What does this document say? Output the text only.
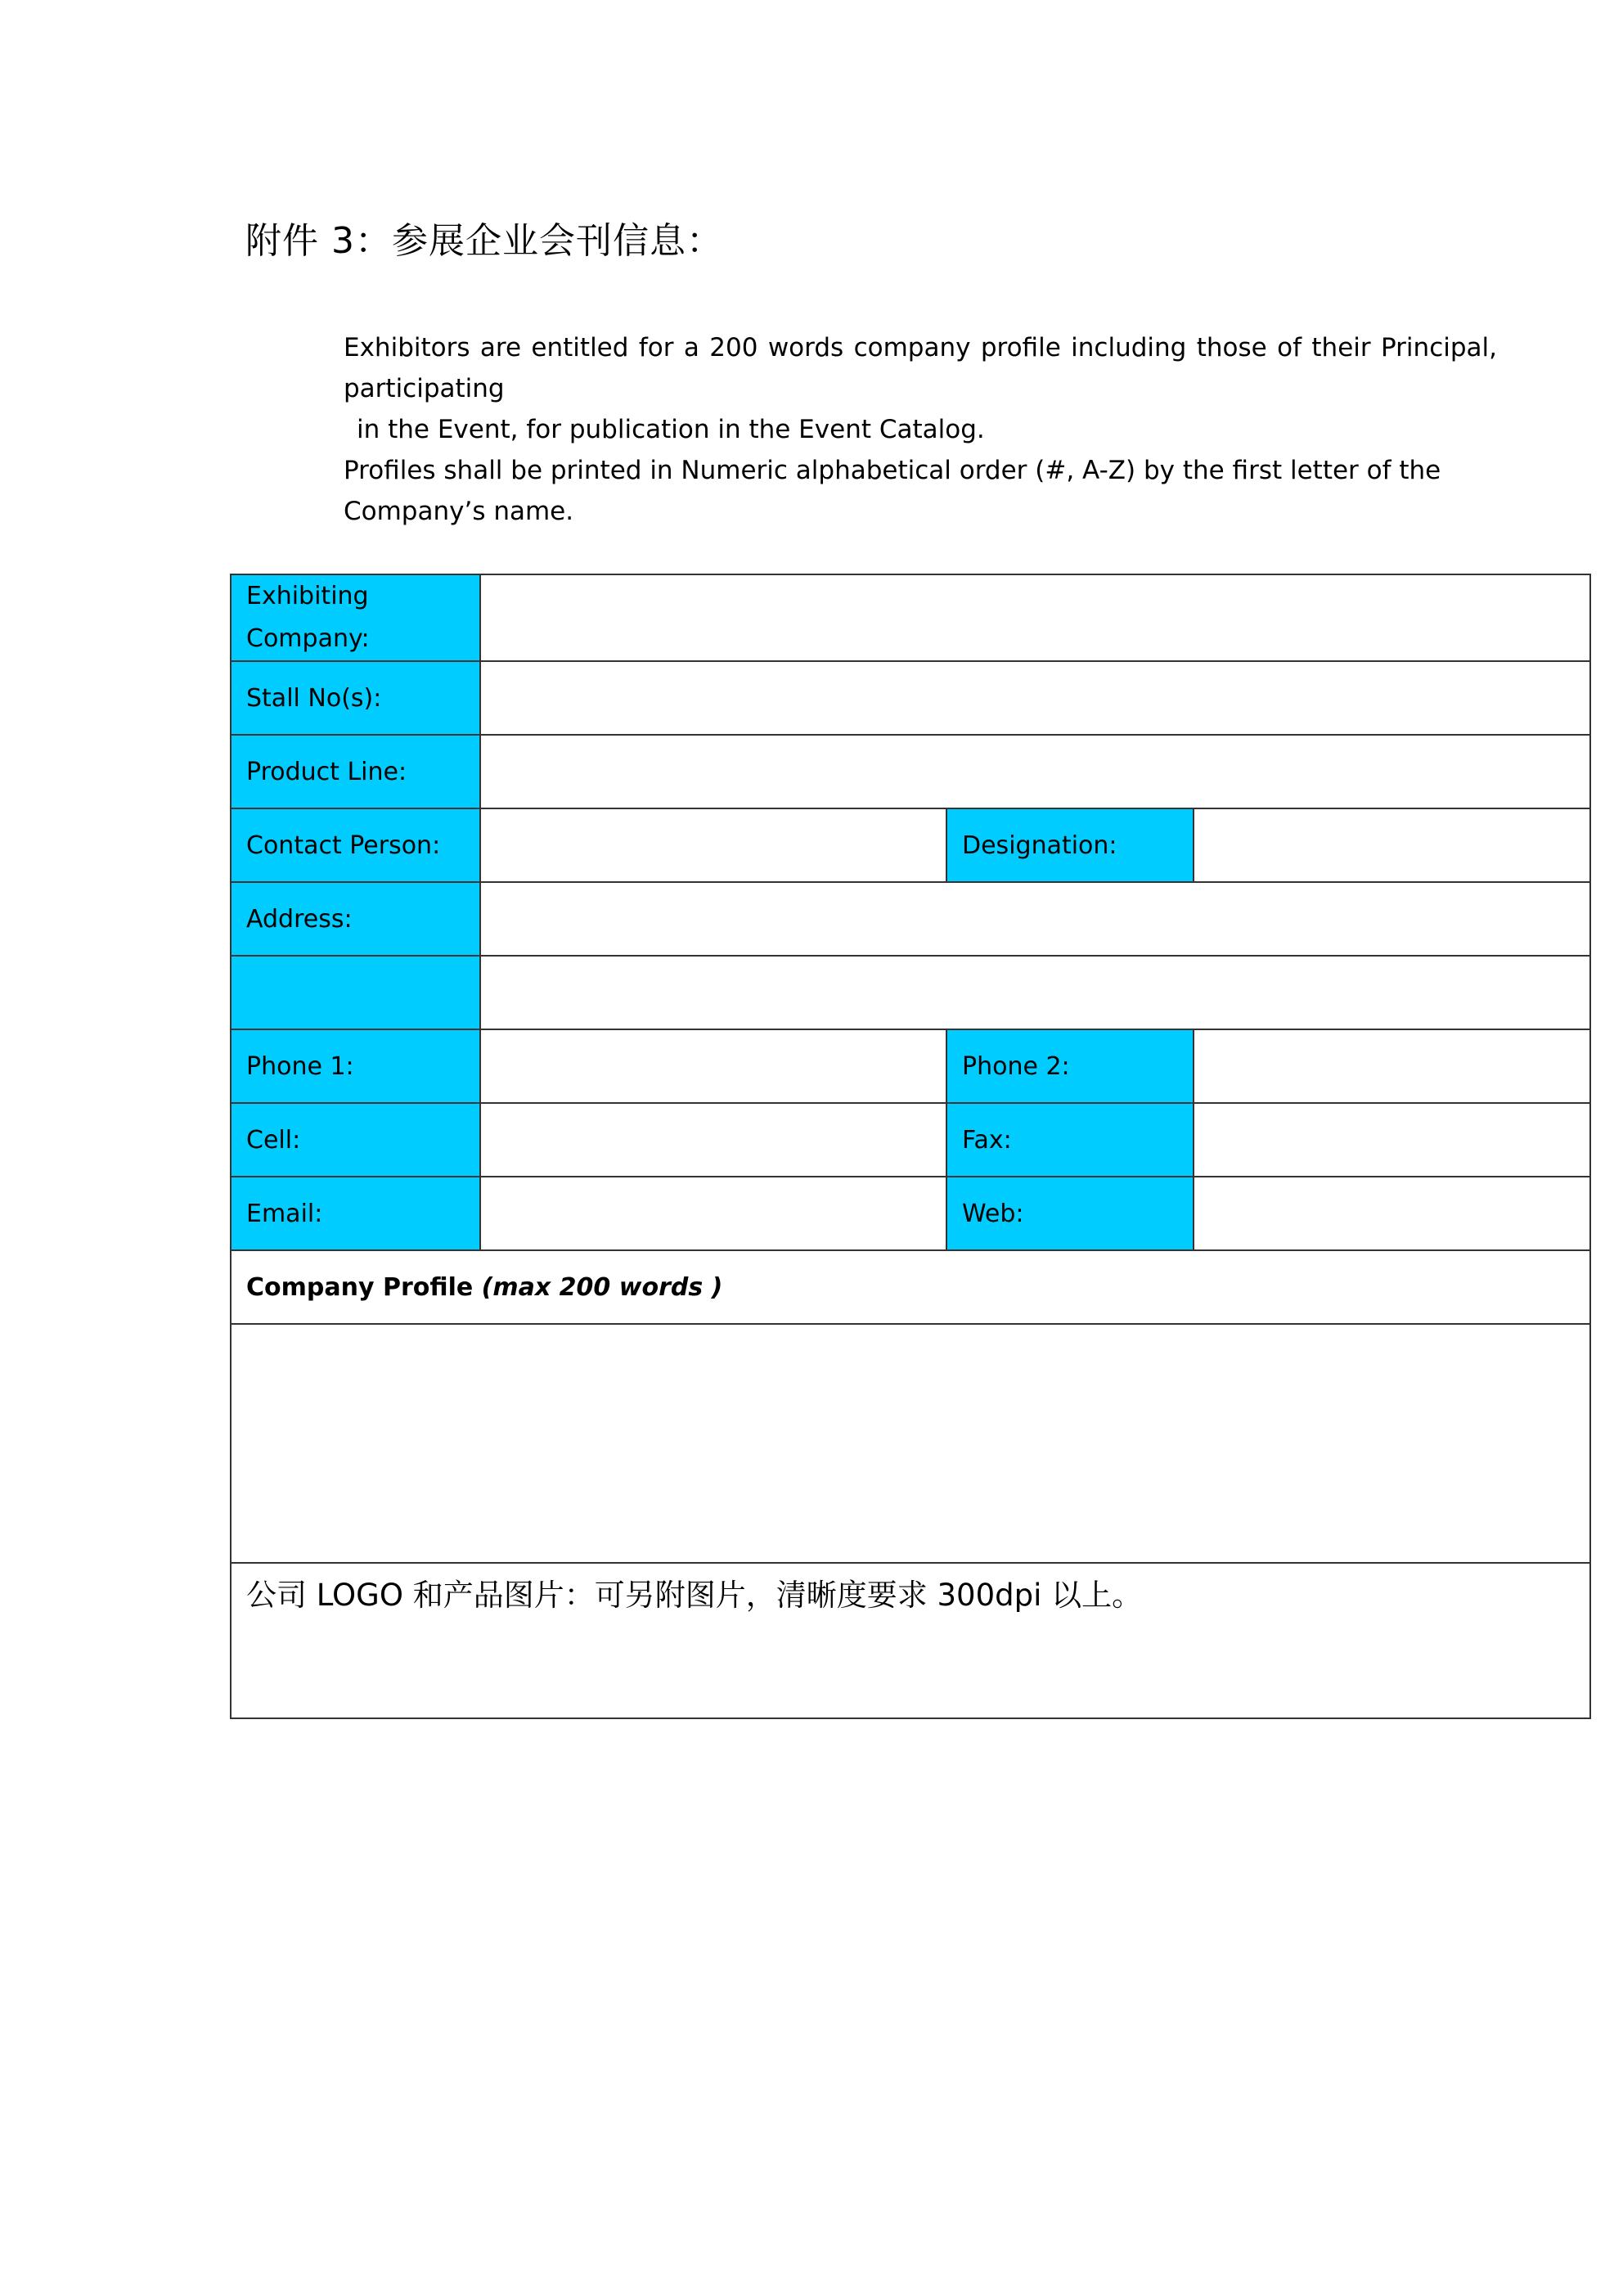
附件 3：参展企业会刊信息：
Exhibitors are entitled for a 200 words company profile including those of their Principal,
participating
in the Event, for publication in the Event Catalog.
Profiles shall be printed in Numeric alphabetical order (#, A-Z) by the first letter of the
Company’s name.
Exhibiting
Company:			

Stall No(s):			
Product Line:			
Contact Person:		Designation:	
Address:			

Phone 1:		Phone 2:	
Cell:		Fax:	
Email:		Web:	
Company Profile (max 200 words )			

公司 LOGO 和产品图片：可另附图片，清晰度要求 300dpi 以上。			
